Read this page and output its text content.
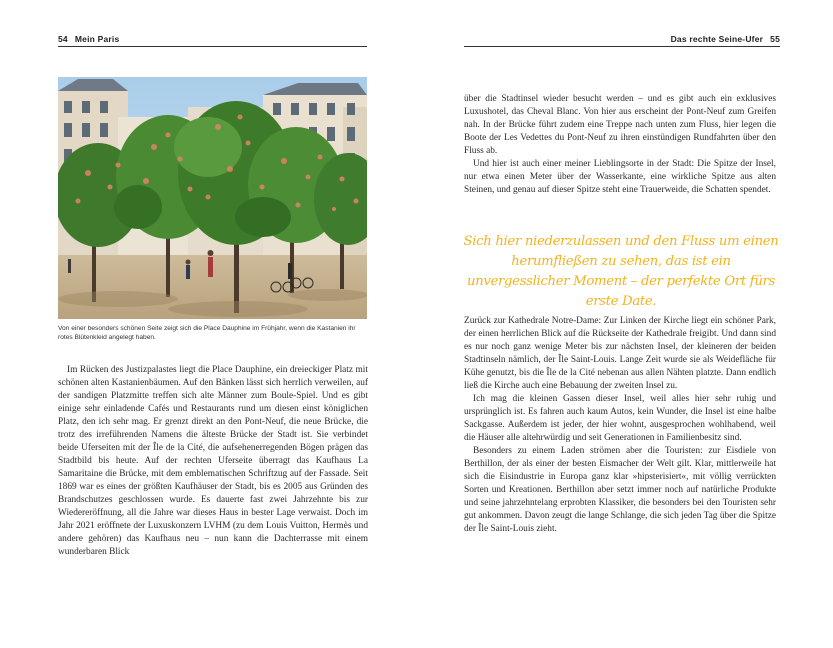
54 Mein Paris

Von einer besonders schönen Seite zeigt sich die Place Dauphine im Frühjahr, wenn die Kastanien ihr rotes Blütenkleid angelegt haben.

Im Rücken des Justizpalastes liegt die Place Dauphine, ein dreieckiger Platz mit schönen alten Kastanienbäumen. Auf den Bänken lässt sich herrlich verweilen, auf der sandigen Platzmitte treffen sich alte Männer zum Boule-Spiel. Und es gibt einige sehr einladende Cafés und Restaurants rund um diesen einst königlichen Platz, den ich sehr mag. Er grenzt direkt an den Pont-Neuf, die neue Brücke, die trotz des irreführenden Namens die älteste Brücke der Stadt ist. Sie verbindet beide Uferseiten mit der Île de la Cité, die aufsehenerregenden Bögen prägen das Stadtbild bis heute. Auf der rechten Uferseite überragt das Kaufhaus La Samaritaine die Brücke, mit dem emblematischen Schriftzug auf der Fassade. Seit 1869 war es eines der größten Kaufhäuser der Stadt, bis es 2005 aus Gründen des Brandschutzes geschlossen wurde. Es dauerte fast zwei Jahrzehnte bis zur Wiedereröffnung, all die Jahre war dieses Haus in bester Lage verwaist. Doch im Jahr 2021 eröffnete der Luxuskonzern LVHM (zu dem Louis Vuitton, Hermès und andere gehören) das Kaufhaus neu – nun kann die Dachterrasse mit einem wunderbaren Blick

Das rechte Seine-Ufer 55

über die Stadtinsel wieder besucht werden – und es gibt auch ein exklusives Luxushotel, das Cheval Blanc. Von hier aus erscheint der Pont-Neuf zum Greifen nah. In der Brücke führt zudem eine Treppe nach unten zum Fluss, hier legen die Boote der Les Vedettes du Pont-Neuf zu ihren einstündigen Rundfahrten über den Fluss ab.

Und hier ist auch einer meiner Lieblingsorte in der Stadt: Die Spitze der Insel, nur etwa einen Meter über der Wasserkante, eine wirkliche Spitze aus alten Steinen, und genau auf dieser Spitze steht eine Trauerweide, die Schatten spendet.

Sich hier niederzulassen und den Fluss um einen herumfließen zu sehen, das ist ein unvergesslicher Moment – der perfekte Ort fürs erste Date.

Zurück zur Kathedrale Notre-Dame: Zur Linken der Kirche liegt ein schöner Park, der einen herrlichen Blick auf die Rückseite der Kathedrale freigibt. Und dann sind es nur noch ganz wenige Meter bis zur nächsten Insel, der kleineren der beiden Stadtinseln nämlich, der Île Saint-Louis. Lange Zeit wurde sie als Weidefläche für Kühe genutzt, bis die Île de la Cité nebenan aus allen Nähten platzte. Dann endlich ließ die Kirche auch eine Bebauung der zweiten Insel zu.

Ich mag die kleinen Gassen dieser Insel, weil alles hier sehr ruhig und ursprünglich ist. Es fahren auch kaum Autos, kein Wunder, die Insel ist eine halbe Sackgasse. Außerdem ist jeder, der hier wohnt, ausgesprochen wohlhabend, weil die Häuser alle altehrwürdig und seit Generationen in Familienbesitz sind.

Besonders zu einem Laden strömen aber die Touristen: zur Eisdiele von Berthillon, der als einer der besten Eismacher der Welt gilt. Klar, mittlerweile hat sich die Eisindustrie in Europa ganz klar »hipsterisiert«, mit völlig verrückten Sorten und Kreationen. Berthillon aber setzt immer noch auf natürliche Produkte und seine jahrzehntelang erprobten Klassiker, die besonders bei den Touristen sehr gut ankommen. Davon zeugt die lange Schlange, die sich jeden Tag über die Spitze der Île Saint-Louis zieht.
